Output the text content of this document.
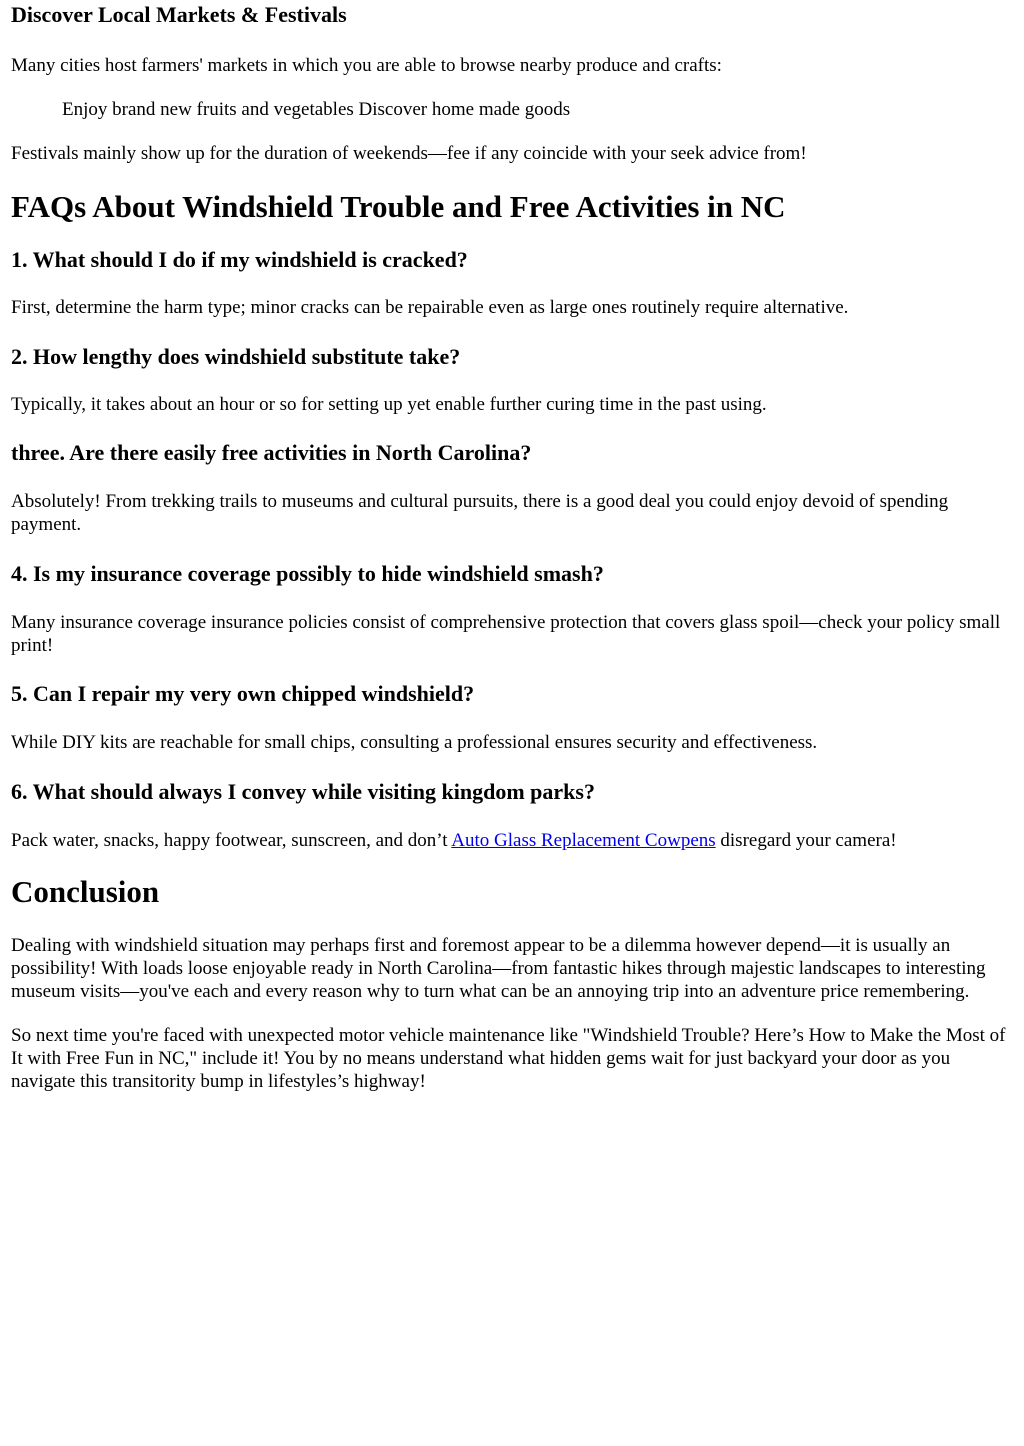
Discover Local Markets & Festivals

Many cities host farmers' markets in which you are able to browse nearby produce and crafts:

Enjoy brand new fruits and vegetables Discover home made goods

Festivals mainly show up for the duration of weekends—fee if any coincide with your seek advice from!

FAQs About Windshield Trouble and Free Activities in NC
1. What should I do if my windshield is cracked?

First, determine the harm type; minor cracks can be repairable even as large ones routinely require alternative.

2. How lengthy does windshield substitute take?

Typically, it takes about an hour or so for setting up yet enable further curing time in the past using.

three. Are there easily free activities in North Carolina?

Absolutely! From trekking trails to museums and cultural pursuits, there is a good deal you could enjoy devoid of spending payment.

4. Is my insurance coverage possibly to hide windshield smash?

Many insurance coverage insurance policies consist of comprehensive protection that covers glass spoil—check your policy small print!

5. Can I repair my very own chipped windshield?

While DIY kits are reachable for small chips, consulting a professional ensures security and effectiveness.

6. What should always I convey while visiting kingdom parks?

Pack water, snacks, happy footwear, sunscreen, and don’t Auto Glass Replacement Cowpens disregard your camera!

Conclusion

Dealing with windshield situation may perhaps first and foremost appear to be a dilemma however depend—it is usually an possibility! With loads loose enjoyable ready in North Carolina—from fantastic hikes through majestic landscapes to interesting museum visits—you've each and every reason why to turn what can be an annoying trip into an adventure price remembering.

So next time you're faced with unexpected motor vehicle maintenance like "Windshield Trouble? Here’s How to Make the Most of It with Free Fun in NC," include it! You by no means understand what hidden gems wait for just backyard your door as you navigate this transitority bump in lifestyles’s highway!
